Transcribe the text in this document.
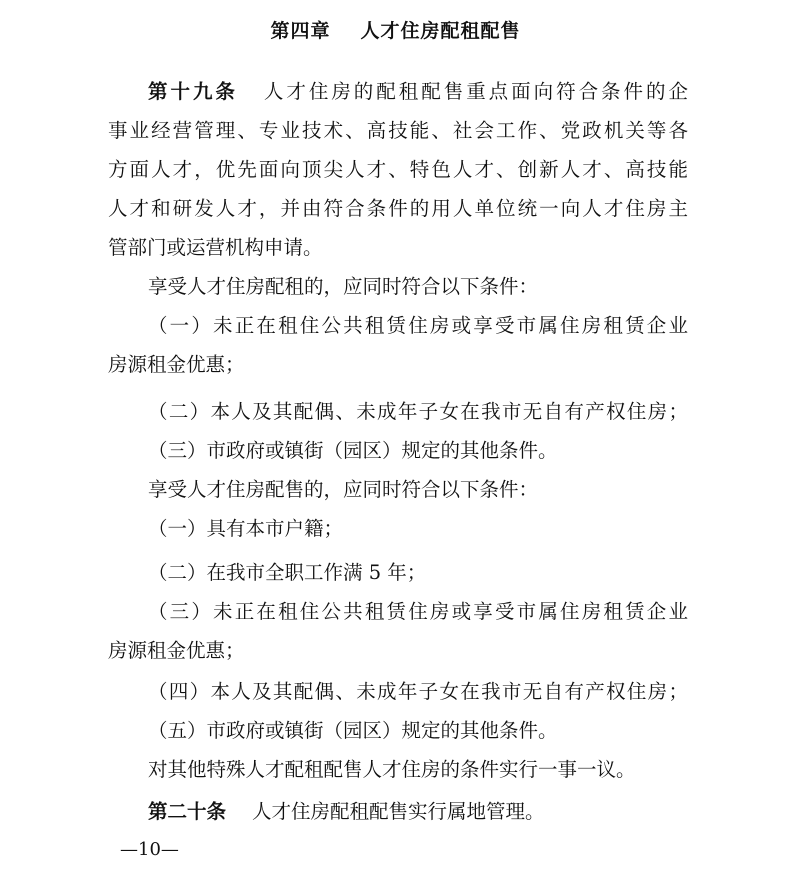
第四章 人才住房配租配售
第十九条 人才住房的配租配售重点面向符合条件的企
事业经营管理、专业技术、高技能、社会工作、党政机关等各
方面人才，优先面向顶尖人才、特色人才、创新人才、高技能
人才和研发人才，并由符合条件的用人单位统一向人才住房主
管部门或运营机构申请。
享受人才住房配租的，应同时符合以下条件：
（一）未正在租住公共租赁住房或享受市属住房租赁企业
房源租金优惠；
（二）本人及其配偶、未成年子女在我市无自有产权住房；
（三）市政府或镇街（园区）规定的其他条件。
享受人才住房配售的，应同时符合以下条件：
（一）具有本市户籍；
（二）在我市全职工作满 5 年；
（三）未正在租住公共租赁住房或享受市属住房租赁企业
房源租金优惠；
（四）本人及其配偶、未成年子女在我市无自有产权住房；
（五）市政府或镇街（园区）规定的其他条件。
对其他特殊人才配租配售人才住房的条件实行一事一议。
第二十条 人才住房配租配售实行属地管理。
—10—
